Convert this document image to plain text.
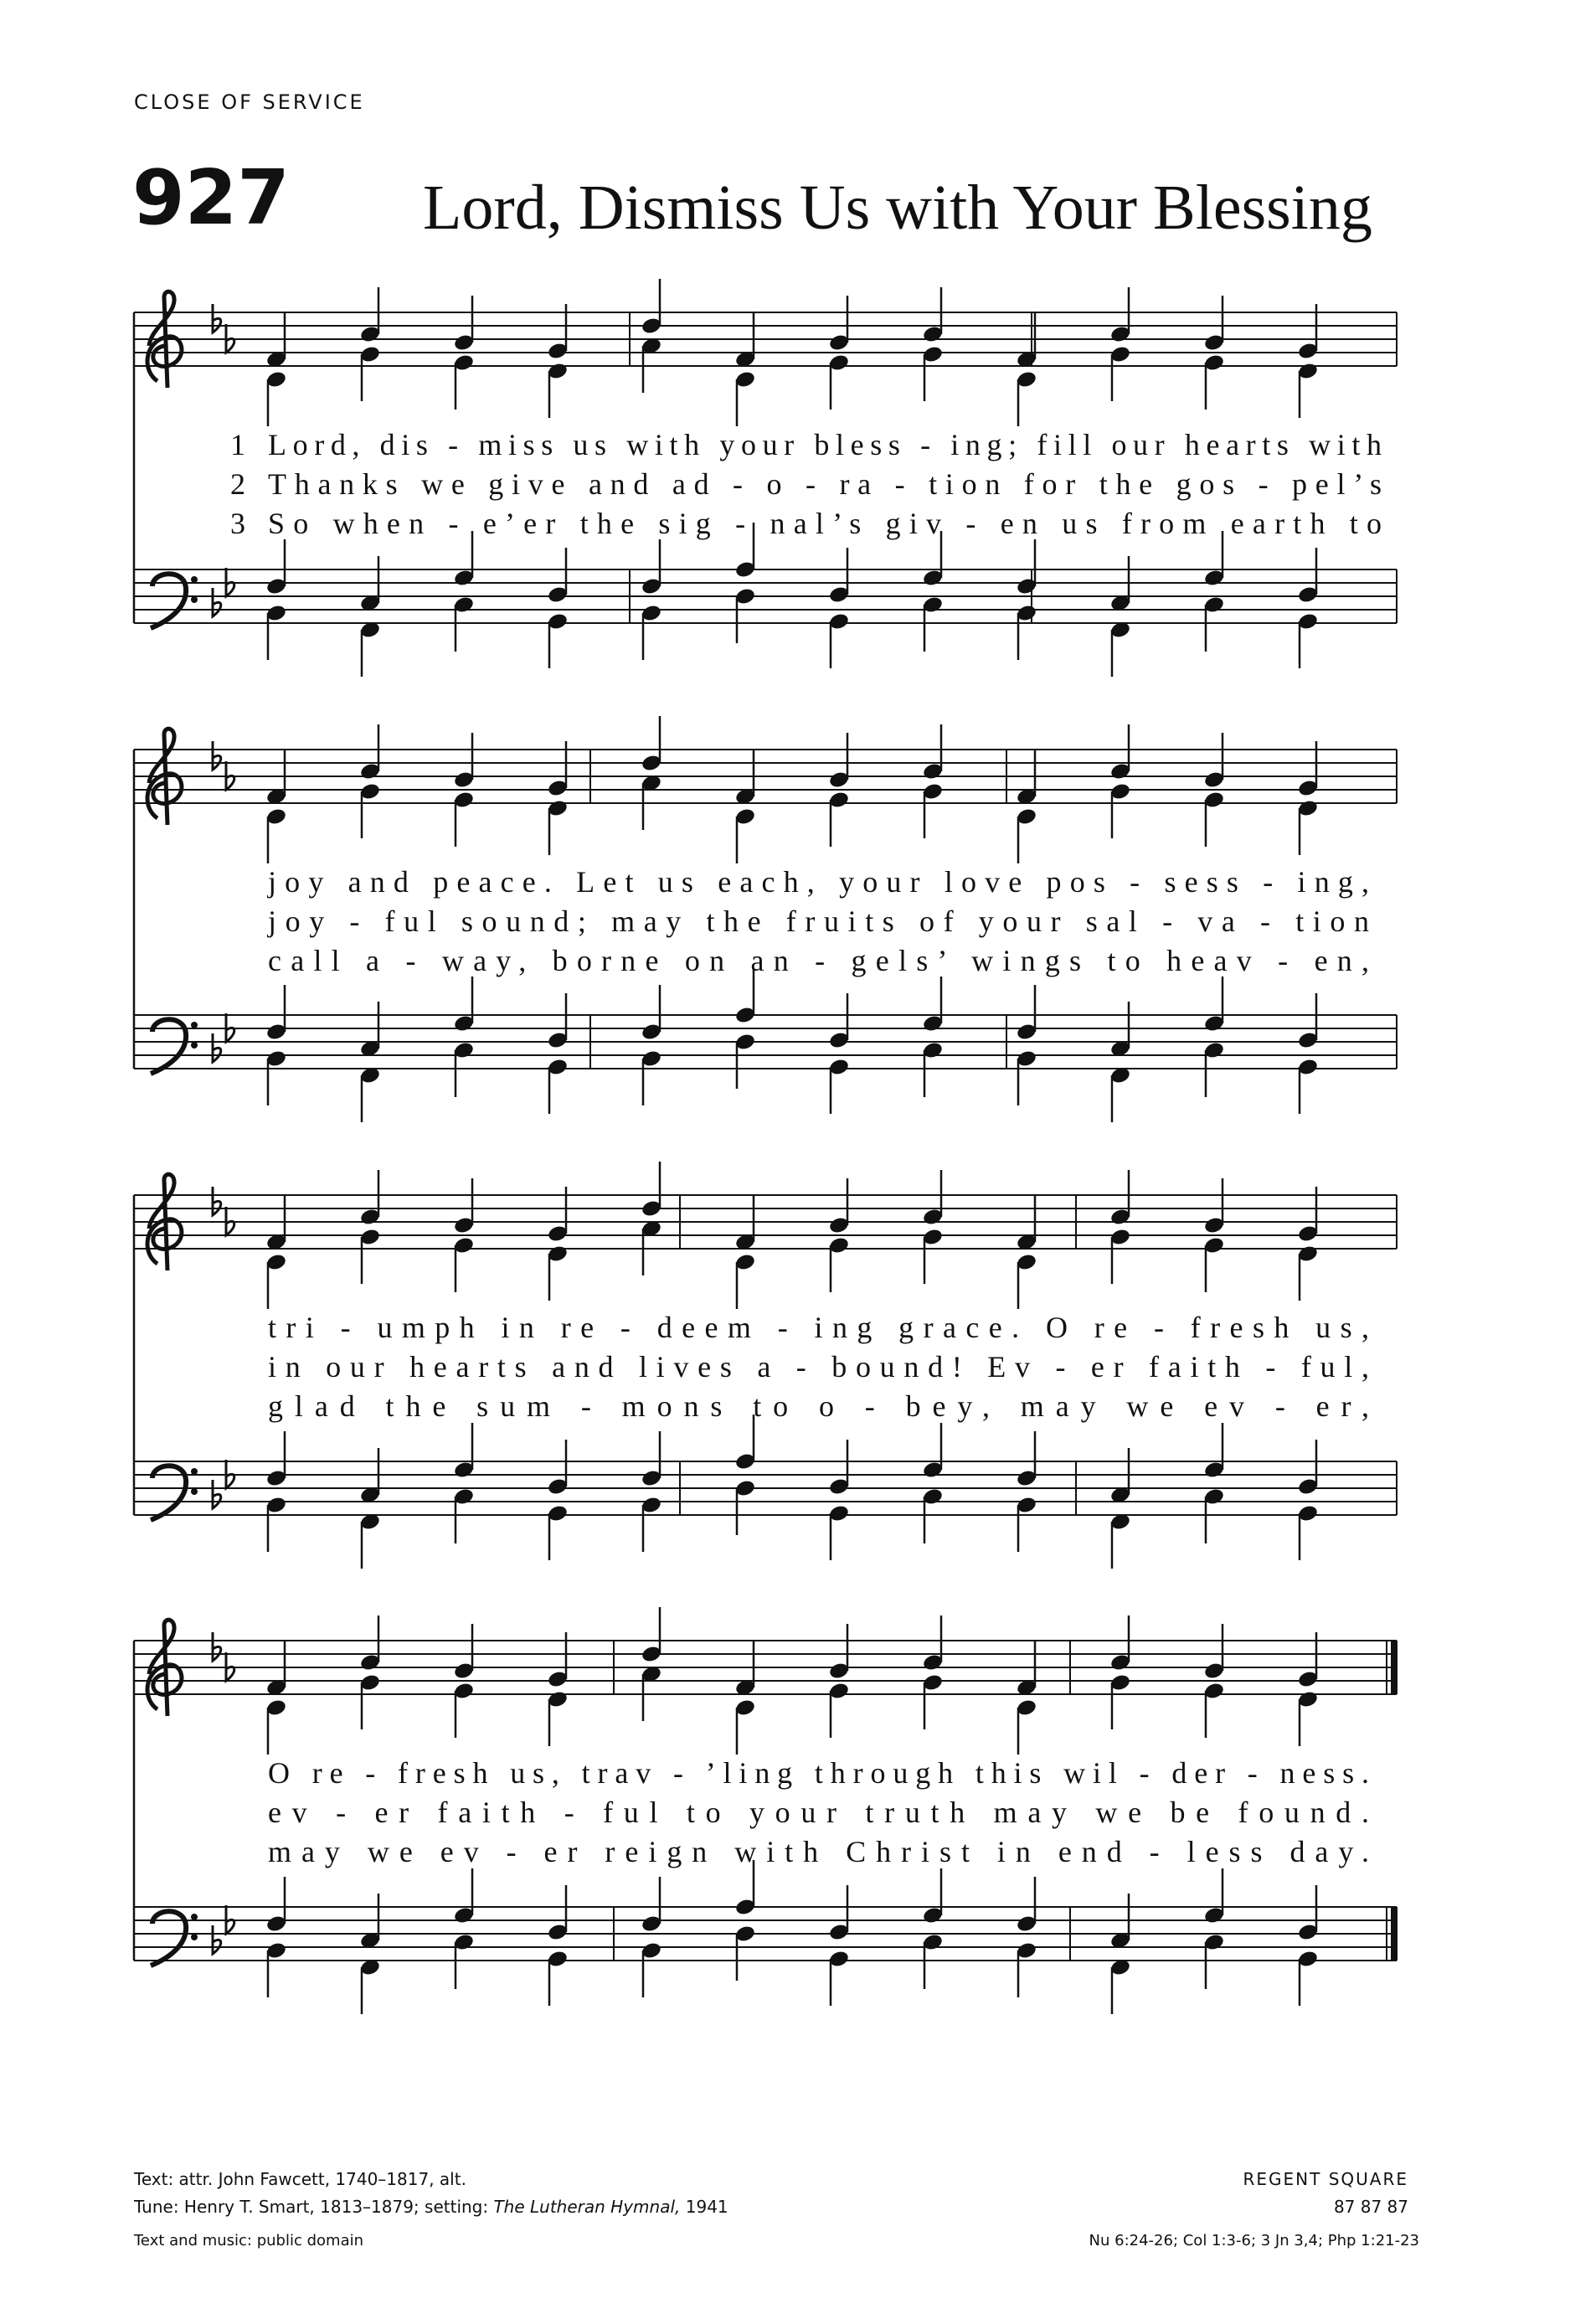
CLOSE OF SERVICE
927 Lord, Dismiss Us with Your Blessing
1
2
3
Lord, dis - miss us with your bless - ing; fill our hearts with
Thanks we give and ad - o - ra - tion for the gos - pel’s
So when - e’er the sig - nal’s giv - en us from earth to
joy and peace. Let us each, your love pos - sess - ing,
joy - ful sound; may the fruits of your sal - va - tion
call a - way, borne on an - gels’ wings to heav - en,
tri - umph in re - deem - ing grace. O re - fresh us,
in our hearts and lives a - bound! Ev - er faith - ful,
glad the sum - mons to o - bey, may we ev - er,
O re - fresh us, trav - ’ling through this wil - der - ness.
ev - er faith - ful to your truth may we be found.
may we ev - er reign with Christ in end - less day.
Text: attr. John Fawcett, 1740–1817, alt.
Tune: Henry T. Smart, 1813–1879; setting: The Lutheran Hymnal, 1941
Text and music: public domain
REGENT SQUARE
87 87 87
Nu 6:24-26; Col 1:3-6; 3 Jn 3,4; Php 1:21-23
